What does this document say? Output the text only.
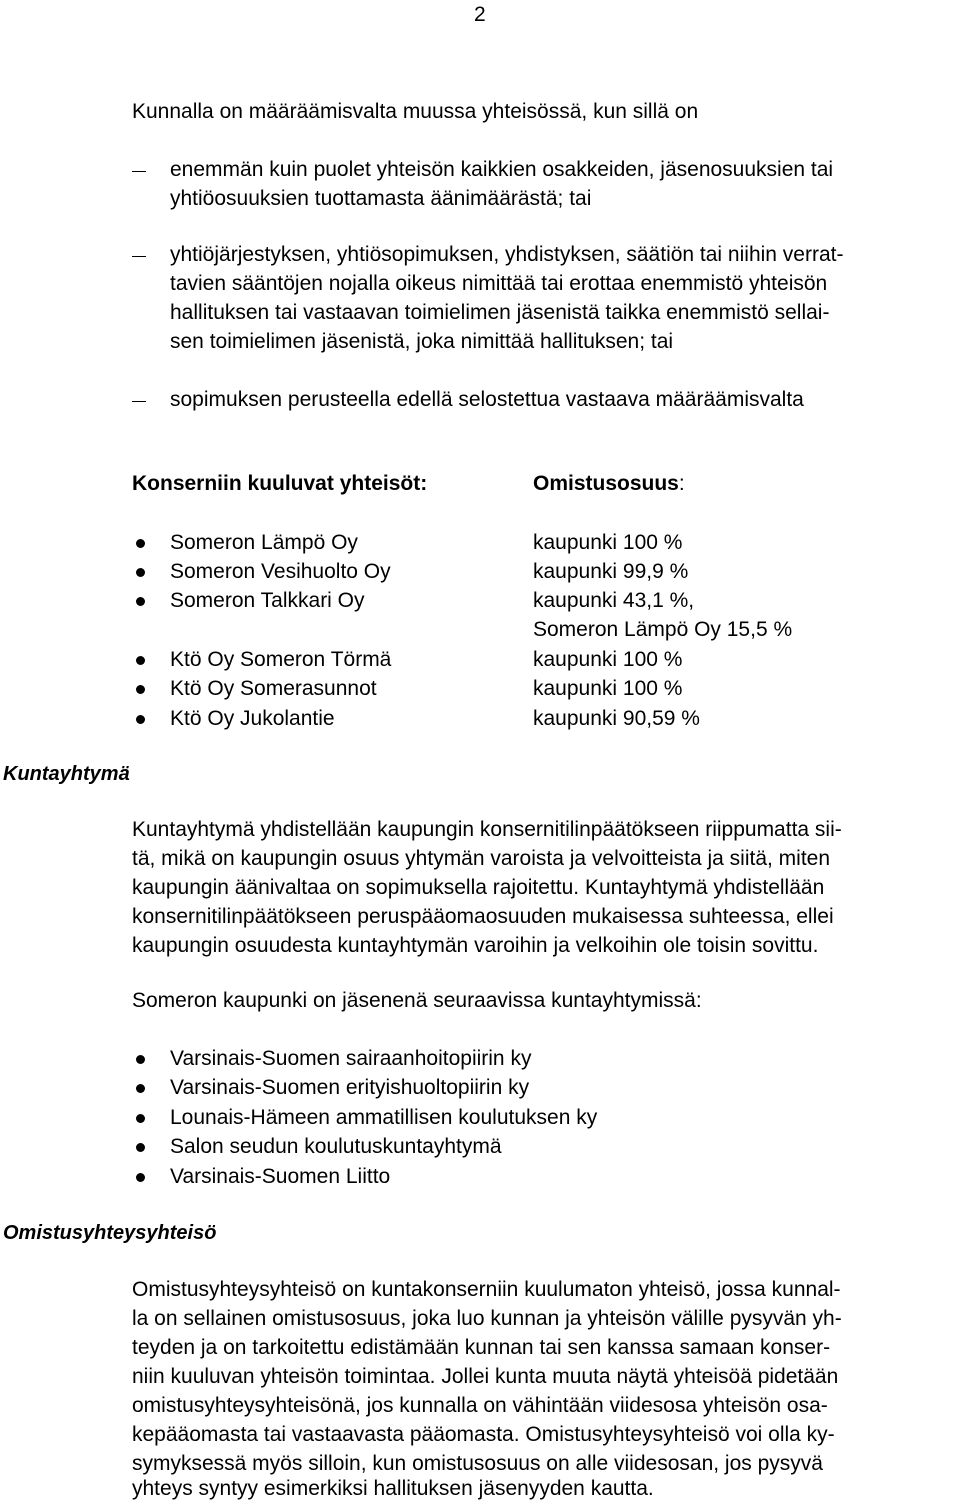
2
Kunnalla on määräämisvalta muussa yhteisössä, kun sillä on
enemmän kuin puolet yhteisön kaikkien osakkeiden, jäsenosuuksien tai
yhtiöosuuksien tuottamasta äänimäärästä; tai
yhtiöjärjestyksen, yhtiösopimuksen, yhdistyksen, säätiön tai niihin verrat-
tavien sääntöjen nojalla oikeus nimittää tai erottaa enemmistö yhteisön
hallituksen tai vastaavan toimielimen jäsenistä taikka enemmistö sellai-
sen toimielimen jäsenistä, joka nimittää hallituksen; tai
sopimuksen perusteella edellä selostettua vastaava määräämisvalta
Konserniin kuuluvat yhteisöt:	Omistusosuus:
Someron Lämpö Oy	kaupunki 100 %
Someron Vesihuolto Oy	kaupunki 99,9 %
Someron Talkkari Oy	kaupunki 43,1 %,
Someron Lämpö Oy 15,5 %
Ktö Oy Someron Törmä	kaupunki 100 %
Ktö Oy Somerasunnot	kaupunki 100 %
Ktö Oy Jukolantie	kaupunki 90,59 %
Kuntayhtymä
Kuntayhtymä yhdistellään kaupungin konsernitilinpäätökseen riippumatta sii-
tä, mikä on kaupungin osuus yhtymän varoista ja velvoitteista ja siitä, miten
kaupungin äänivaltaa on sopimuksella rajoitettu. Kuntayhtymä yhdistellään
konsernitilinpäätökseen peruspääomaosuuden mukaisessa suhteessa, ellei
kaupungin osuudesta kuntayhtymän varoihin ja velkoihin ole toisin sovittu.
Someron kaupunki on jäsenenä seuraavissa kuntayhtymissä:
Varsinais-Suomen sairaanhoitopiirin ky
Varsinais-Suomen erityishuoltopiirin ky
Lounais-Hämeen ammatillisen koulutuksen ky
Salon seudun koulutuskuntayhtymä
Varsinais-Suomen Liitto
Omistusyhteysyhteisö
Omistusyhteysyhteisö on kuntakonserniin kuulumaton yhteisö, jossa kunnal-
la on sellainen omistusosuus, joka luo kunnan ja yhteisön välille pysyvän yh-
teyden ja on tarkoitettu edistämään kunnan tai sen kanssa samaan konser-
niin kuuluvan yhteisön toimintaa. Jollei kunta muuta näytä yhteisöä pidetään
omistusyhteysyhteisönä, jos kunnalla on vähintään viidesosa yhteisön osa-
kepääomasta tai vastaavasta pääomasta. Omistusyhteysyhteisö voi olla ky-
symyksessä myös silloin, kun omistusosuus on alle viidesosan, jos pysyvä
yhteys syntyy esimerkiksi hallituksen jäsenyyden kautta.
